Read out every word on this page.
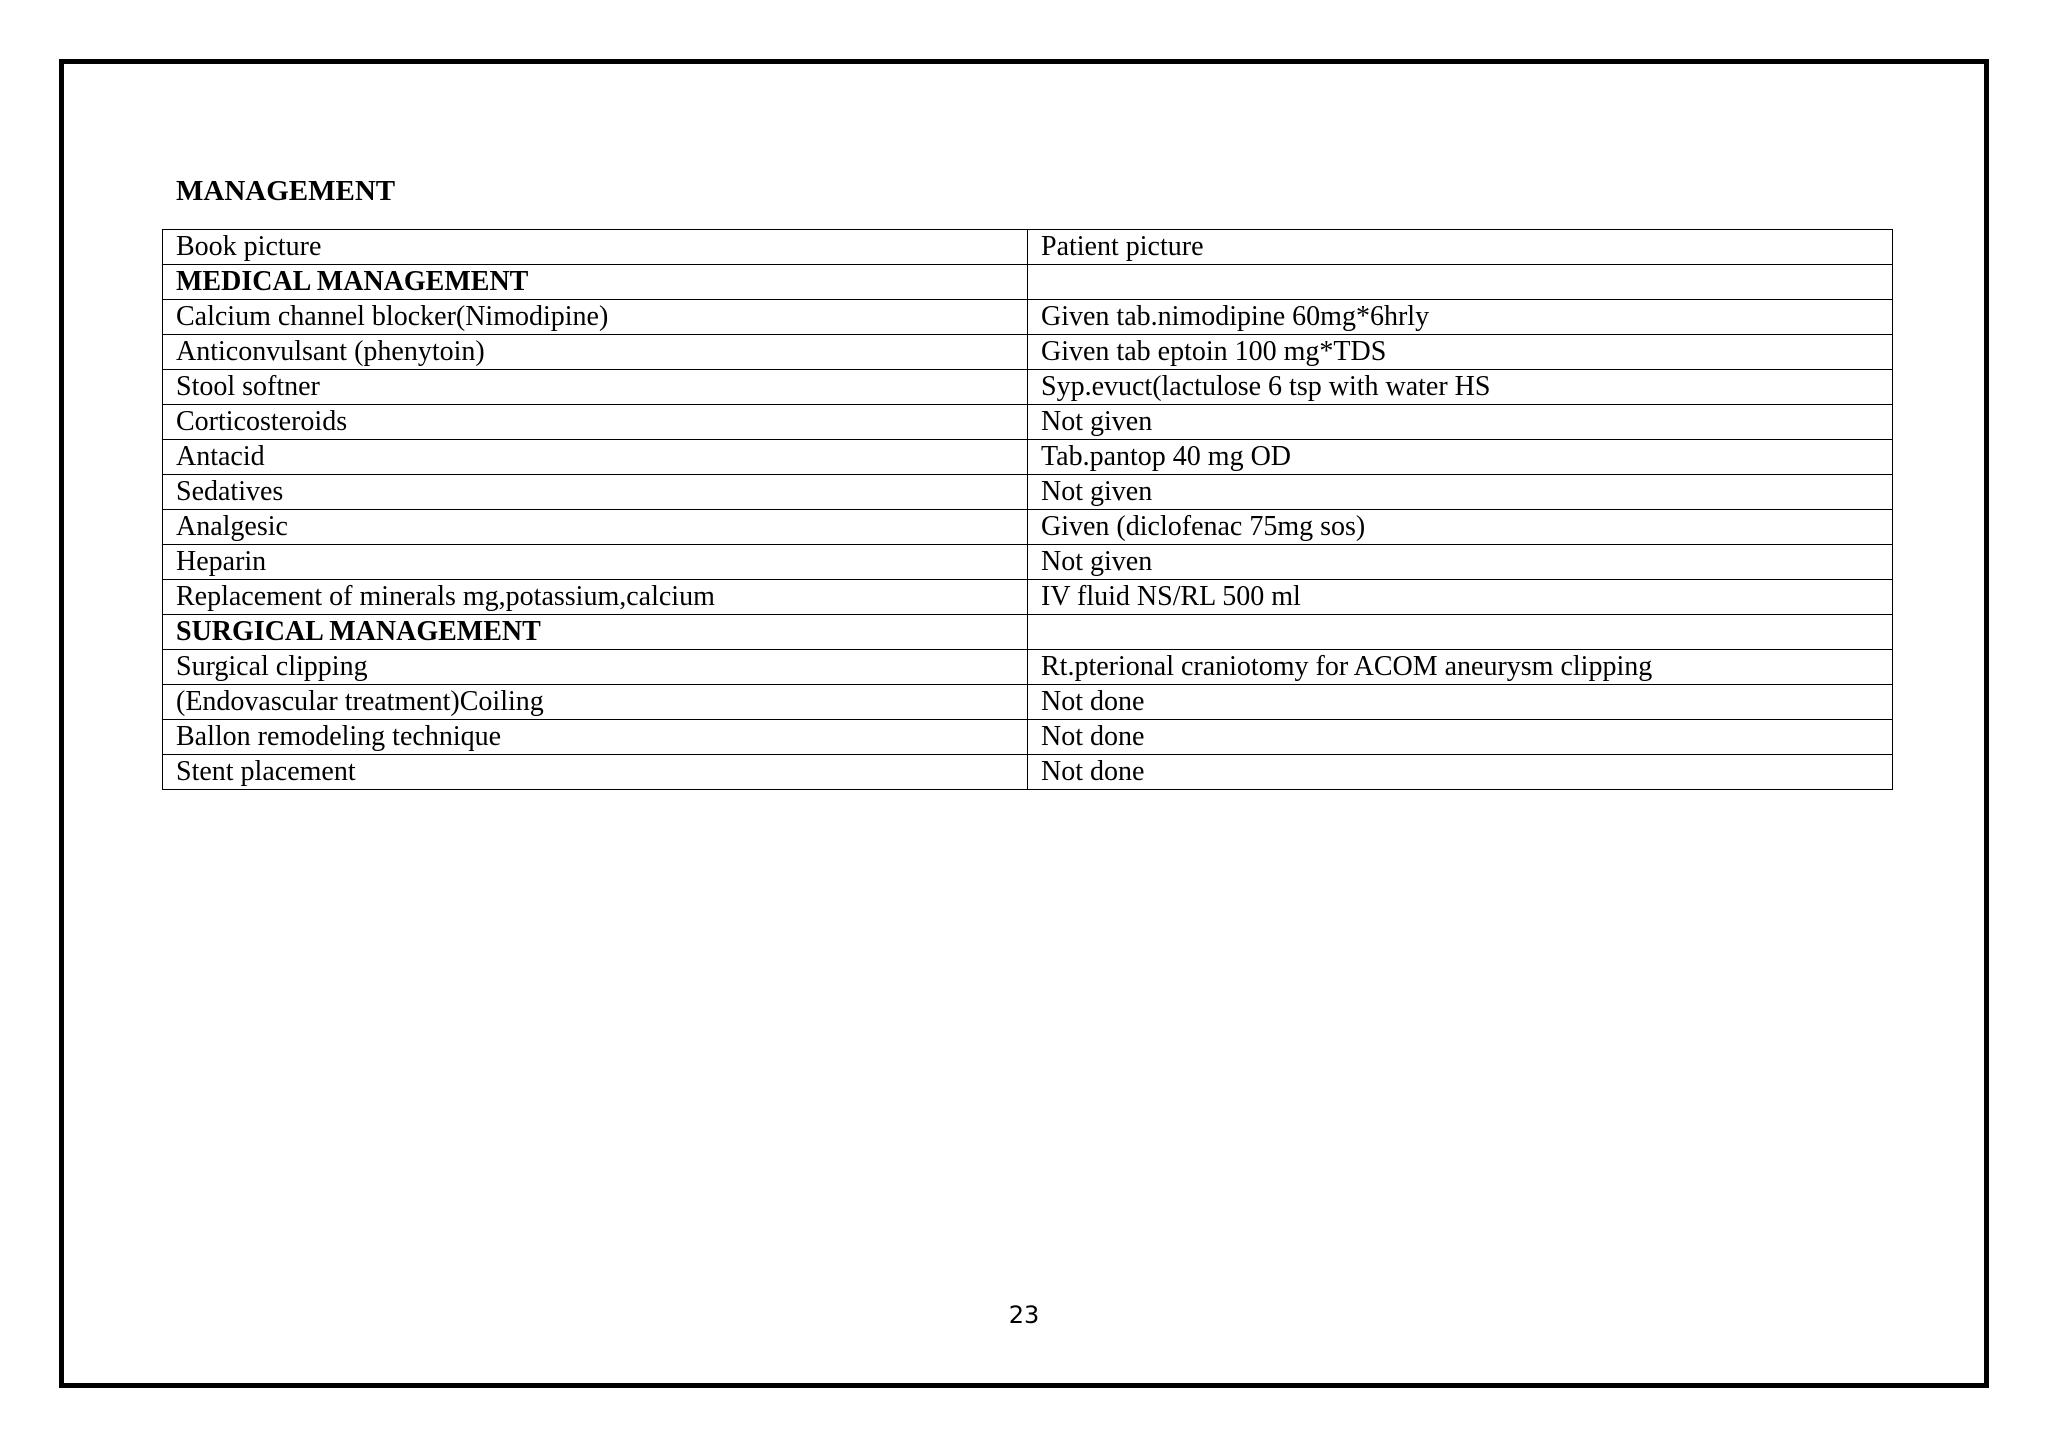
MANAGEMENT
Book picture	Patient picture
MEDICAL MANAGEMENT	
Calcium channel blocker(Nimodipine)	Given tab.nimodipine 60mg*6hrly
Anticonvulsant (phenytoin)	Given tab eptoin 100 mg*TDS
Stool softner	Syp.evuct(lactulose 6 tsp with water HS
Corticosteroids	Not given
Antacid	Tab.pantop 40 mg OD
Sedatives	Not given
Analgesic	Given (diclofenac 75mg sos)
Heparin	Not given
Replacement of minerals mg,potassium,calcium	IV fluid NS/RL 500 ml
SURGICAL MANAGEMENT	
Surgical clipping	Rt.pterional craniotomy for ACOM aneurysm clipping
(Endovascular treatment)Coiling	Not done
Ballon remodeling technique	Not done
Stent placement	Not done
23
